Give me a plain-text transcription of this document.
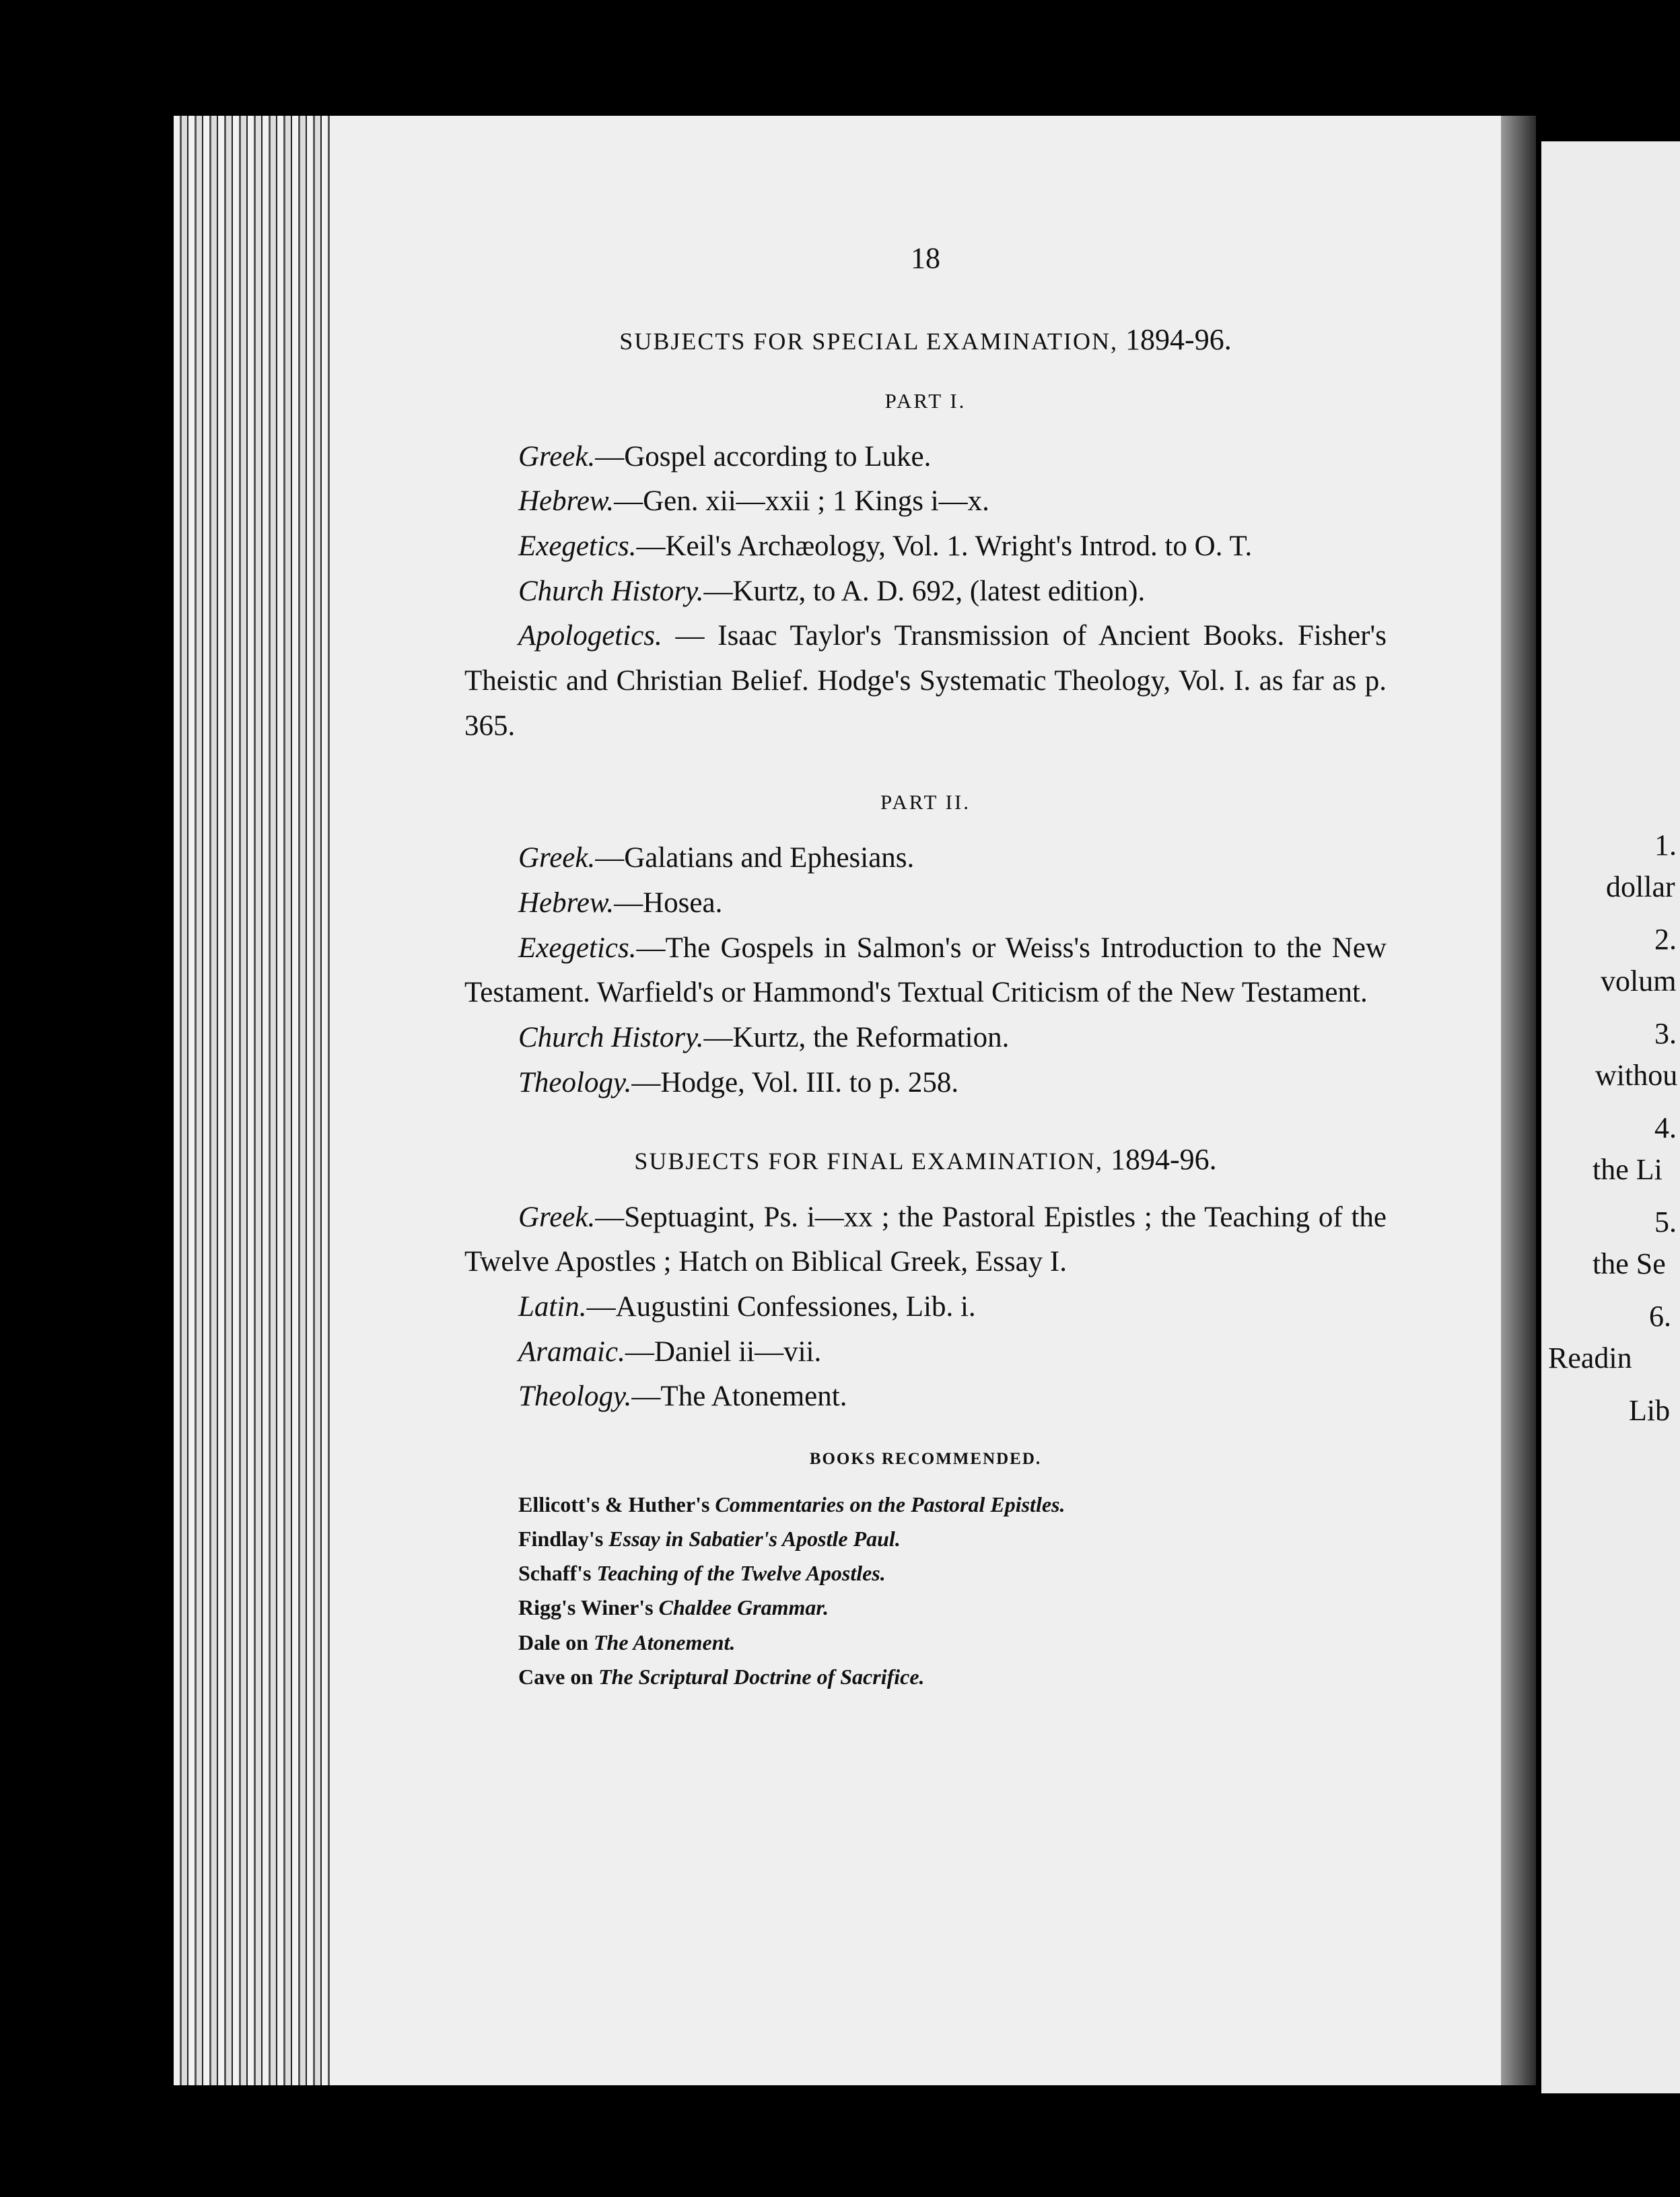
1.
dollar
2.
volum
3.
withou
4.
the Li
5.
the Se
6.
Readin
Lib
18
SUBJECTS FOR SPECIAL EXAMINATION, 1894-96.
PART I.

Greek.—Gospel according to Luke.

Hebrew.—Gen. xii—xxii ; 1 Kings i—x.

Exegetics.—Keil's Archæology, Vol. 1. Wright's Introd. to O. T.

Church History.—Kurtz, to A. D. 692, (latest edition).

Apologetics. — Isaac Taylor's Transmission of Ancient Books. Fisher's Theistic and Christian Belief. Hodge's Systematic Theology, Vol. I. as far as p. 365.

PART II.

Greek.—Galatians and Ephesians.

Hebrew.—Hosea.

Exegetics.—The Gospels in Salmon's or Weiss's Introduction to the New Testament. Warfield's or Hammond's Textual Criticism of the New Testament.

Church History.—Kurtz, the Reformation.

Theology.—Hodge, Vol. III. to p. 258.

SUBJECTS FOR FINAL EXAMINATION, 1894-96.

Greek.—Septuagint, Ps. i—xx ; the Pastoral Epistles ; the Teaching of the Twelve Apostles ; Hatch on Biblical Greek, Essay I.

Latin.—Augustini Confessiones, Lib. i.

Aramaic.—Daniel ii—vii.

Theology.—The Atonement.

BOOKS RECOMMENDED.

Ellicott's & Huther's Commentaries on the Pastoral Epistles.

Findlay's Essay in Sabatier's Apostle Paul.

Schaff's Teaching of the Twelve Apostles.

Rigg's Winer's Chaldee Grammar.

Dale on The Atonement.

Cave on The Scriptural Doctrine of Sacrifice.
